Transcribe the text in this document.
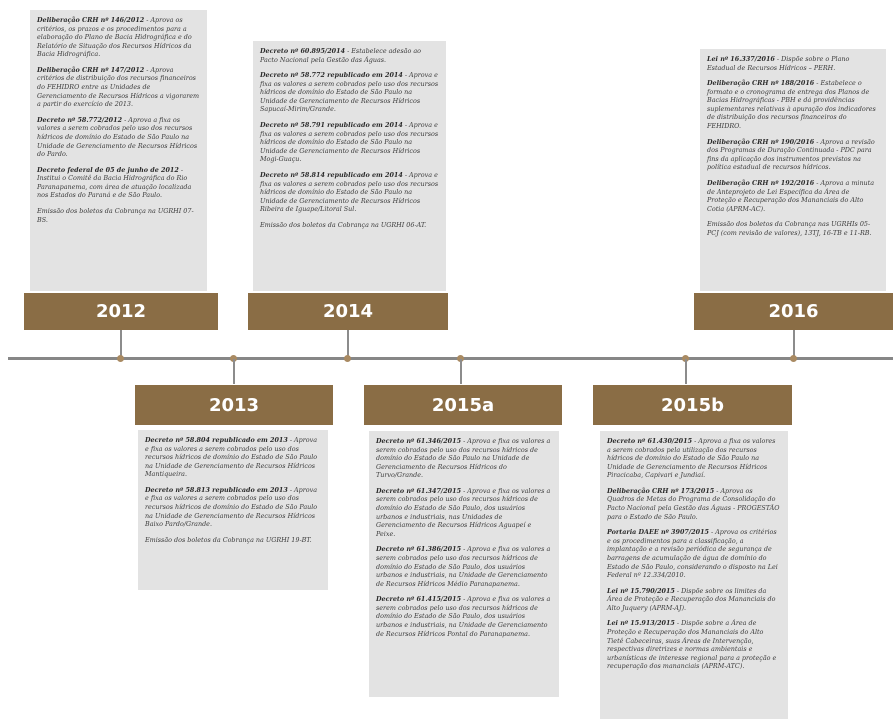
Deliberação CRH nº 146/2012 - Aprova os critérios, os prazos e os procedimentos para a elaboração do Plano de Bacia Hidrográfica e do Relatório de Situação dos Recursos Hídricos da Bacia Hidrográfica.

Deliberação CRH nº 147/2012 - Aprova critérios de distribuição dos recursos financeiros do FEHIDRO entre as Unidades de Gerenciamento de Recursos Hídricos a vigorarem a partir do exercício de 2013.

Decreto nº 58.772/2012 - Aprova a fixa os valores a serem cobrados pelo uso dos recursos hídricos de domínio do Estado de São Paulo na Unidade de Gerenciamento de Recursos Hídricos do Pardo.

Decreto federal de 05 de junho de 2012 - Institui o Comitê da Bacia Hidrográfica do Rio Paranapanema, com área de atuação localizada nos Estados do Paraná e de São Paulo.

Emissão dos boletos da Cobrança na UGRHI 07-BS.

2012

Decreto nº 60.895/2014 - Estabelece adesão ao Pacto Nacional pela Gestão das Águas.

Decreto nº 58.772 republicado em 2014 - Aprova e fixa os valores a serem cobrados pelo uso dos recursos hídricos de domínio do Estado de São Paulo na Unidade de Gerenciamento de Recursos Hídricos Sapucaí-Mirim/Grande.

Decreto nº 58.791 republicado em 2014 - Aprova e fixa os valores a serem cobrados pelo uso dos recursos hídricos de domínio do Estado de São Paulo na Unidade de Gerenciamento de Recursos Hídricos Mogi-Guaçu.

Decreto nº 58.814 republicado em 2014 - Aprova e fixa os valores a serem cobrados pelo uso dos recursos hídricos de domínio do Estado de São Paulo na Unidade de Gerenciamento de Recursos Hídricos Ribeira de Iguape/Litoral Sul.

Emissão dos boletos da Cobrança na UGRHI 06-AT.

2014

Lei nº 16.337/2016 - Dispõe sobre o Plano Estadual de Recursos Hídricos – PERH.

Deliberação CRH nº 188/2016 - Estabelece o formato e o cronograma de entrega dos Planos de Bacias Hidrográficas - PBH e dá providências suplementares relativas à apuração dos indicadores de distribuição dos recursos financeiros do FEHIDRO.

Deliberação CRH nº 190/2016 - Aprova a revisão dos Programas de Duração Continuada - PDC para fins da aplicação dos instrumentos previstos na política estadual de recursos hídricos.

Deliberação CRH nº 192/2016 - Aprova a minuta de Anteprojeto de Lei Específica da Área de Proteção e Recuperação dos Mananciais do Alto Cotia (APRM-AC).

Emissão dos boletos da Cobrança nas UGRHIs 05-PCJ (com revisão de valores), 13TJ, 16-TB e 11-RB.

2016
2013

Decreto nº 58.804 republicado em 2013 - Aprova e fixa os valores a serem cobrados pelo uso dos recursos hídricos de domínio do Estado de São Paulo na Unidade de Gerenciamento de Recursos Hídricos Mantiqueira.

Decreto nº 58.813 republicado em 2013 - Aprova e fixa os valores a serem cobrados pelo uso dos recursos hídricos de domínio do Estado de São Paulo na Unidade de Gerenciamento de Recursos Hídricos Baixo Pardo/Grande.

Emissão dos boletos da Cobrança na UGRHI 19-BT.

2015a

Decreto nº 61.346/2015 - Aprova e fixa os valores a serem cobrados pelo uso dos recursos hídricos de domínio do Estado de São Paulo na Unidade de Gerenciamento de Recursos Hídricos do Turvo/Grande.

Decreto nº 61.347/2015 - Aprova e fixa os valores a serem cobrados pelo uso dos recursos hídricos de domínio do Estado de São Paulo, dos usuários urbanos e industriais, nas Unidades de Gerenciamento de Recursos Hídricos Aguapeí e Peixe.

Decreto nº 61.386/2015 - Aprova e fixa os valores a serem cobrados pelo uso dos recursos hídricos de domínio do Estado de São Paulo, dos usuários urbanos e industriais, na Unidade de Gerenciamento de Recursos Hídricos Médio Paranapanema.

Decreto nº 61.415/2015 - Aprova e fixa os valores a serem cobrados pelo uso dos recursos hídricos de domínio do Estado de São Paulo, dos usuários urbanos e industriais, na Unidade de Gerenciamento de Recursos Hídricos Pontal do Paranapanema.

2015b

Decreto nº 61.430/2015 - Aprova a fixa os valores a serem cobrados pela utilização dos recursos hídricos de domínio do Estado de São Paulo na Unidade de Gerenciamento de Recursos Hídricos Piracicaba, Capivari e Jundiaí.

Deliberação CRH nº 173/2015 - Aprova os Quadros de Metas do Programa de Consolidação do Pacto Nacional pela Gestão das Águas - PROGESTÃO para o Estado de São Paulo.

Portaria DAEE nº 3907/2015 - Aprova os critérios e os procedimentos para a classificação, a implantação e a revisão periódica de segurança de barragens de acumulação de água de domínio do Estado de São Paulo, considerando o disposto na Lei Federal nº 12.334/2010.

Lei nº 15.790/2015 - Dispõe sobre os limites da Área de Proteção e Recuperação dos Mananciais do Alto Juquery (APRM-AJ).

Lei nº 15.913/2015 - Dispõe sobre a Área de Proteção e Recuperação dos Mananciais do Alto Tietê Cabeceiras, suas Áreas de Intervenção, respectivas diretrizes e normas ambientais e urbanísticas de interesse regional para a proteção e recuperação dos mananciais (APRM-ATC).
